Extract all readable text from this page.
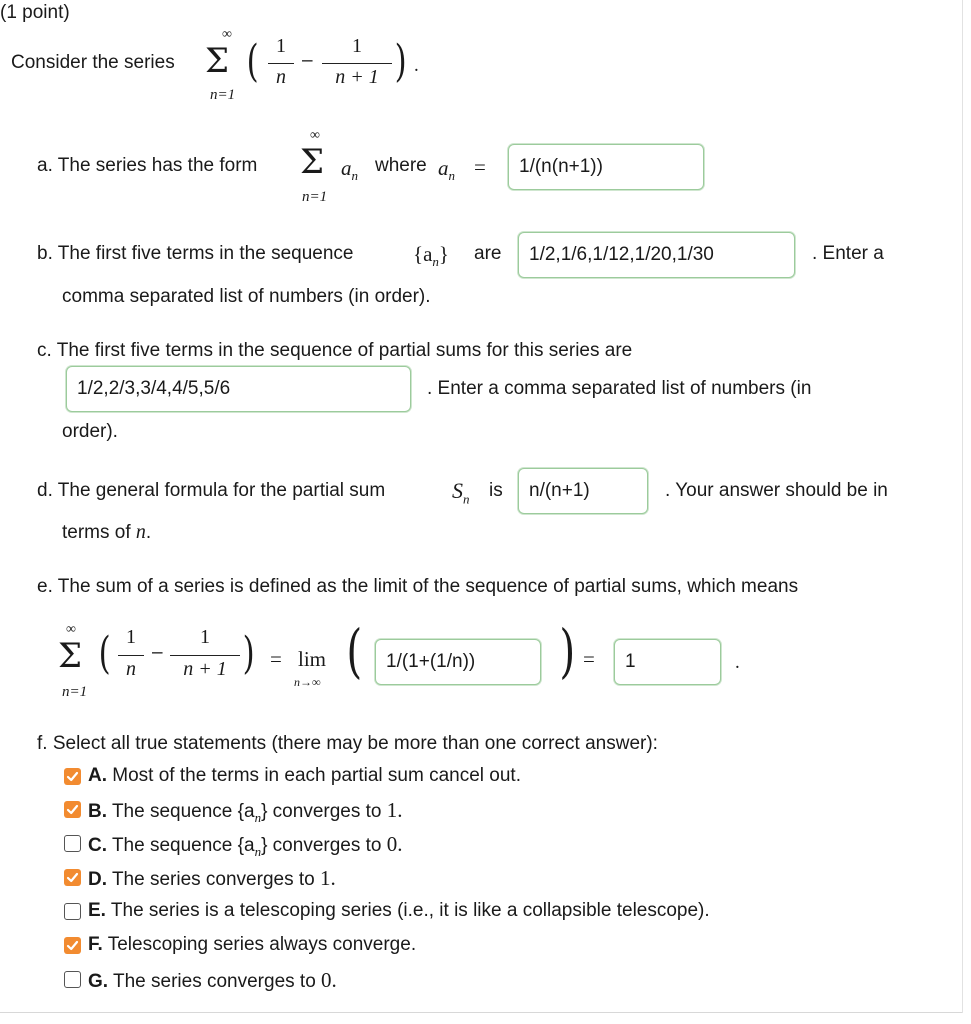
(1 point)
Consider the series
∞
Σ
n=1
( 1
n
–
1
n + 1 ) .
a. The series has the form
∞
Σ
n=1
$a_n$ where $a_n$ =	1/(n(n+1))
b. The first five terms in the sequence	$\{a_n\}$ are	1/2,1/6,1/12,1/20,1/30	. Enter a
comma separated list of numbers (in order).
c. The first five terms in the sequence of partial sums for this series are
1/2,2/3,3/4,4/5,5/6	. Enter a comma separated list of numbers (in
order).
d. The general formula for the partial sum	$S_n$ is	n/(n+1)	. Your answer should be in
terms of n.
e. The sum of a series is defined as the limit of the sequence of partial sums, which means
∞
Σ
n=1
( 1
n
–
1
n + 1 ) = lim
n→∞ (	1/(1+(1/n))	) =	1	.
f. Select all true statements (there may be more than one correct answer):
A. Most of the terms in each partial sum cancel out.
B. The sequence $\{a_n\}$ converges to 1.
C. The sequence $\{a_n\}$ converges to 0.
D. The series converges to 1.
E. The series is a telescoping series (i.e., it is like a collapsible telescope).
F. Telescoping series always converge.
G. The series converges to 0.
